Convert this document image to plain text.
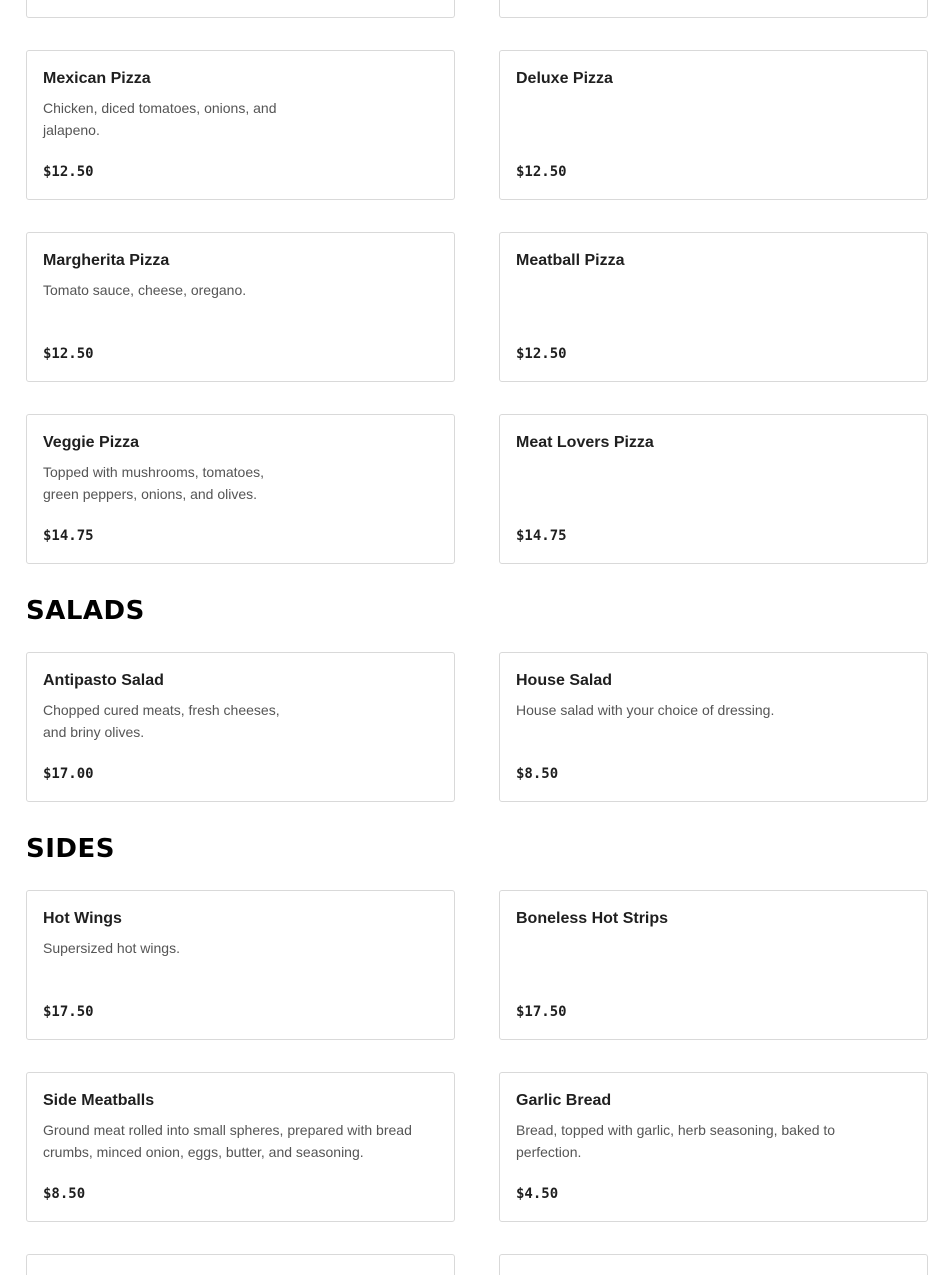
Mexican Pizza
Chicken, diced tomatoes, onions, and jalapeno.
$12.50
Deluxe Pizza
$12.50
Margherita Pizza
Tomato sauce, cheese, oregano.
$12.50
Meatball Pizza
$12.50
Veggie Pizza
Topped with mushrooms, tomatoes, green peppers, onions, and olives.
$14.75
Meat Lovers Pizza
$14.75
SALADS
Antipasto Salad
Chopped cured meats, fresh cheeses, and briny olives.
$17.00
House Salad
House salad with your choice of dressing.
$8.50
SIDES
Hot Wings
Supersized hot wings.
$17.50
Boneless Hot Strips
$17.50
Side Meatballs
Ground meat rolled into small spheres, prepared with bread crumbs, minced onion, eggs, butter, and seasoning.
$8.50
Garlic Bread
Bread, topped with garlic, herb seasoning, baked to perfection.
$4.50
